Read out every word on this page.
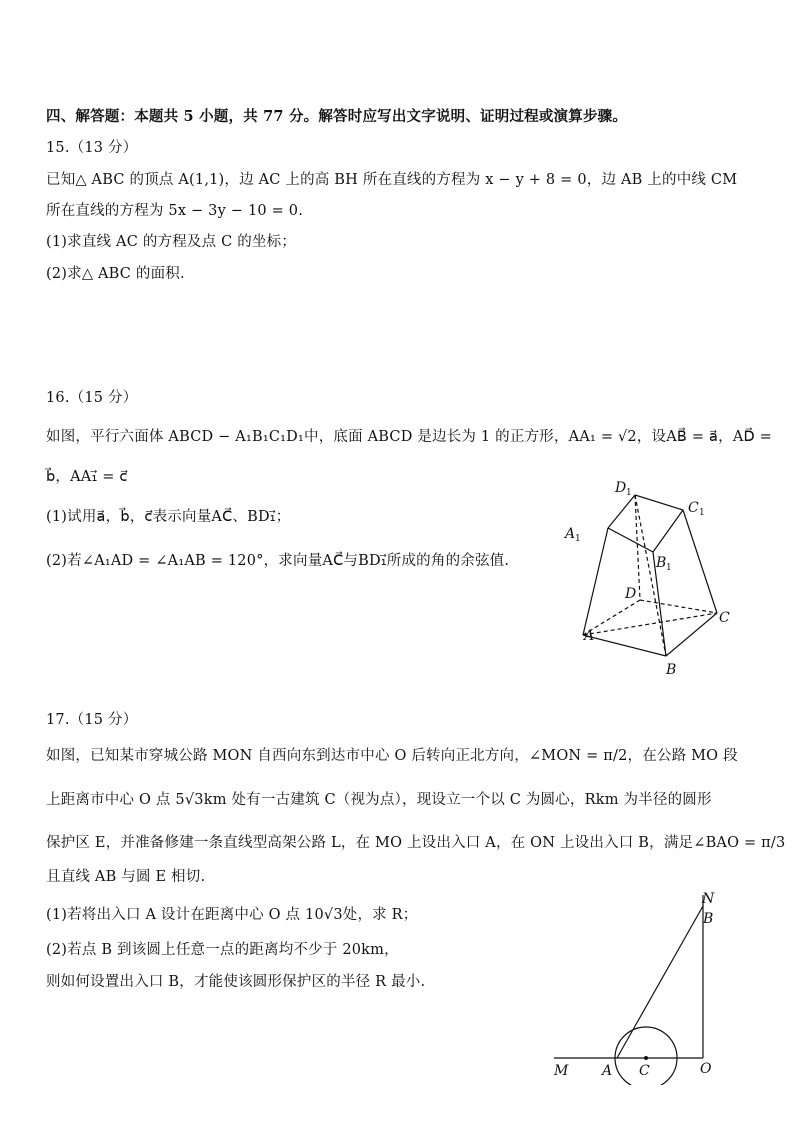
四、解答题：本题共 5 小题，共 77 分。解答时应写出文字说明、证明过程或演算步骤。
15.（13 分）
已知△ ABC 的顶点 A(1,1)，边 AC 上的高 BH 所在直线的方程为 x − y + 8 = 0，边 AB 上的中线 CM
所在直线的方程为 5x − 3y − 10 = 0.
(1)求直线 AC 的方程及点 C 的坐标；
(2)求△ ABC 的面积.
16.（15 分）
如图，平行六面体 ABCD − A₁B₁C₁D₁中，底面 ABCD 是边长为 1 的正方形，AA₁ = √2，设AB⃗ = a⃗，AD⃗ =
b⃗，AA₁⃗ = c⃗
(1)试用a⃗，b⃗，c⃗表示向量AC⃗、BD₁⃗；
(2)若∠A₁AD = ∠A₁AB = 120°，求向量AC⃗与BD₁⃗所成的角的余弦值.
D 1
C 1
A 1
B 1
D
C
A
B
17.（15 分）
如图，已知某市穿城公路 MON 自西向东到达市中心 O 后转向正北方向，∠MON = π/2，在公路 MO 段
上距离市中心 O 点 5√3km 处有一古建筑 C（视为点），现设立一个以 C 为圆心，Rkm 为半径的圆形
保护区 E，并准备修建一条直线型高架公路 L，在 MO 上设出入口 A，在 ON 上设出入口 B，满足∠BAO = π/3
且直线 AB 与圆 E 相切.
(1)若将出入口 A 设计在距离中心 O 点 10√3处，求 R；
(2)若点 B 到该圆上任意一点的距离均不少于 20km，
则如何设置出入口 B，才能使该圆形保护区的半径 R 最小.
M A C	O
N
B
